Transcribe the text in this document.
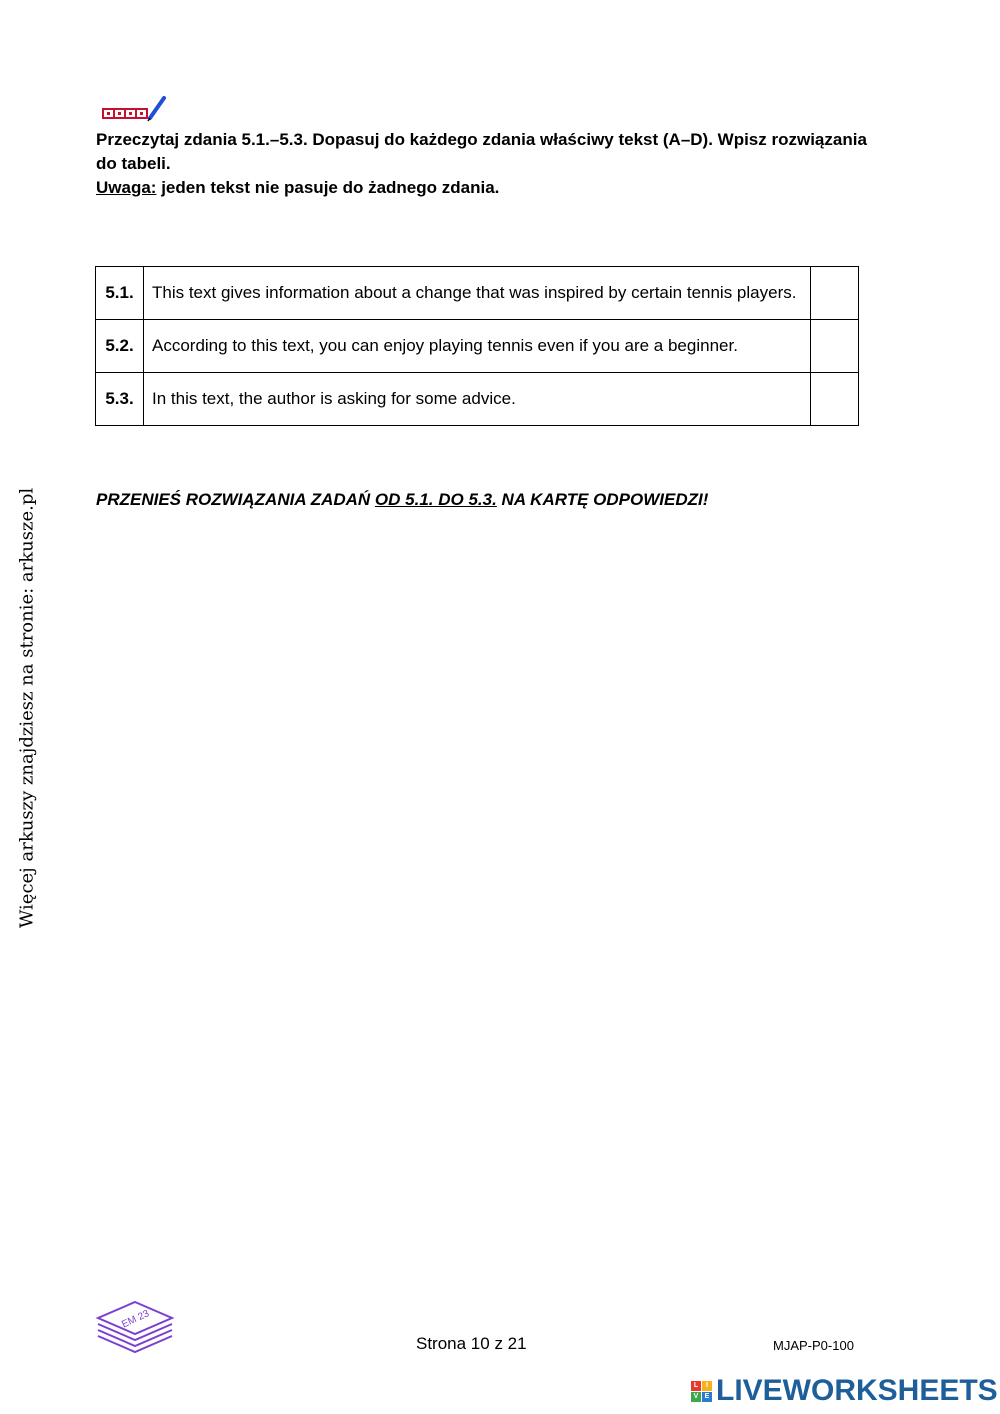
Przeczytaj zdania 5.1.–5.3. Dopasuj do każdego zdania właściwy tekst (A–D). Wpisz rozwiązania do tabeli.

Uwaga: jeden tekst nie pasuje do żadnego zdania.

5.1.	This text gives information about a change that was inspired by certain tennis players.	
5.2.	According to this text, you can enjoy playing tennis even if you are a beginner.	
5.3.	In this text, the author is asking for some advice.	
PRZENIEŚ ROZWIĄZANIA ZADAŃ OD 5.1. DO 5.3. NA KARTĘ ODPOWIEDZI!
Więcej arkuszy znajdziesz na stronie: arkusze.pl
EM 23
Strona 10 z 21	MJAP-P0-100
L	I
V E LIVEWORKSHEETS
